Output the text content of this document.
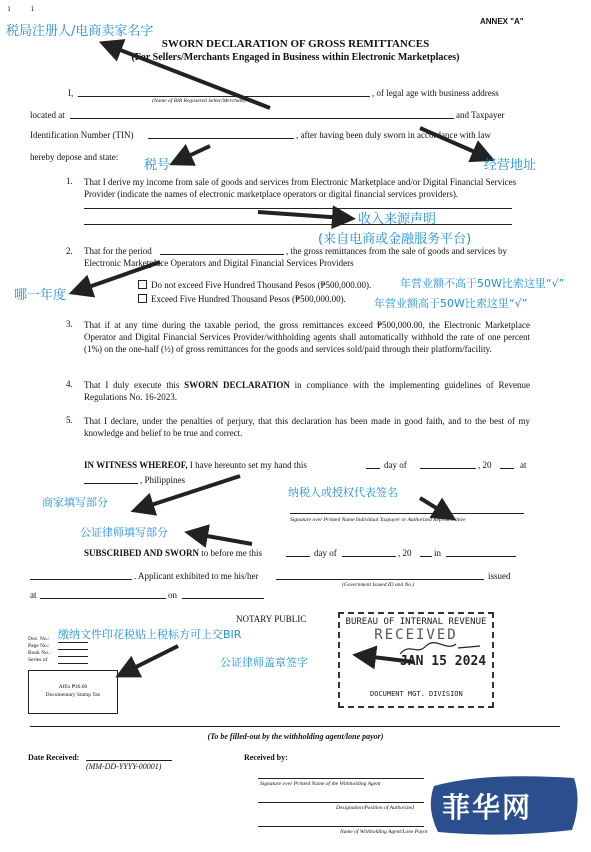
ⅰ　　　ⅰ
ANNEX "A"
SWORN DECLARATION OF GROSS REMITTANCES
(For Sellers/Merchants Engaged in Business within Electronic Marketplaces)
I,	, of legal age with business address
(Name of BIR Registered Seller/Merchant)
located at	and Taxpayer
Identification Number (TIN)	, after having been duly sworn in accordance with law
hereby depose and state:
1. That I derive my income from sale of goods and services from Electronic Marketplace and/or Digital Financial Services Provider (indicate the names of electronic marketplace operators or digital financial services providers).
2. That for the period	, the gross remittances from the sale of goods and services by
Electronic Marketplace Operators and Digital Financial Services Providers
Do not exceed Five Hundred Thousand Pesos (₱500,000.00).
Exceed Five Hundred Thousand Pesos (₱500,000.00).
3. That if at any time during the taxable period, the gross remittances exceed ₱500,000.00, the Electronic Marketplace Operator and Digital Financial Services Provider/withholding agents shall automatically withhold the rate of one percent (1%) on the one-half (½) of gross remittances for the goods and services sold/paid through their platform/facility.
4. That I duly execute this SWORN DECLARATION in compliance with the implementing guidelines of Revenue Regulations No. 16-2023.
5. That I declare, under the penalties of perjury, that this declaration has been made in good faith, and to the best of my knowledge and belief to be true and correct.
IN WITNESS WHEREOF, I have hereunto set my hand this	day of	, 20	at
, Philippines
Signature over Printed Name Individual Taxpayer or Authorized Representative
SUBSCRIBED AND SWORN to before me this	day of	, 20	in
. Applicant exhibited to me his/her	issued
(Government Issued ID and No.)
at	on
NOTARY PUBLIC
Doc. No.:
Page No.:
Book No.:
Series of
Affix ₱30.00
Documentary Stamp Tax
BUREAU OF INTERNAL REVENUE
RECEIVED
JAN 15 2024
DOCUMENT MGT. DIVISION
(To be filled-out by the withholding agent/lone payor)
Date Received:
(MM-DD-YYYY-00001)
Received by:
Signature over Printed Name of the Withholding Agent
Designation/Position of Authorized
Name of Withholding Agent/Lone Payor
菲华网
税局注册人/电商卖家名字
税号	经营地址
收入来源声明
(来自电商或金融服务平台)
哪一年度
年营业额不高于50W比索这里“√”
年营业额高于50W比索这里“√”
商家填写部分
纳税人或授权代表签名
公证律师填写部分
缴纳文件印花税贴上税标方可上交BIR
公证律师盖章签字
